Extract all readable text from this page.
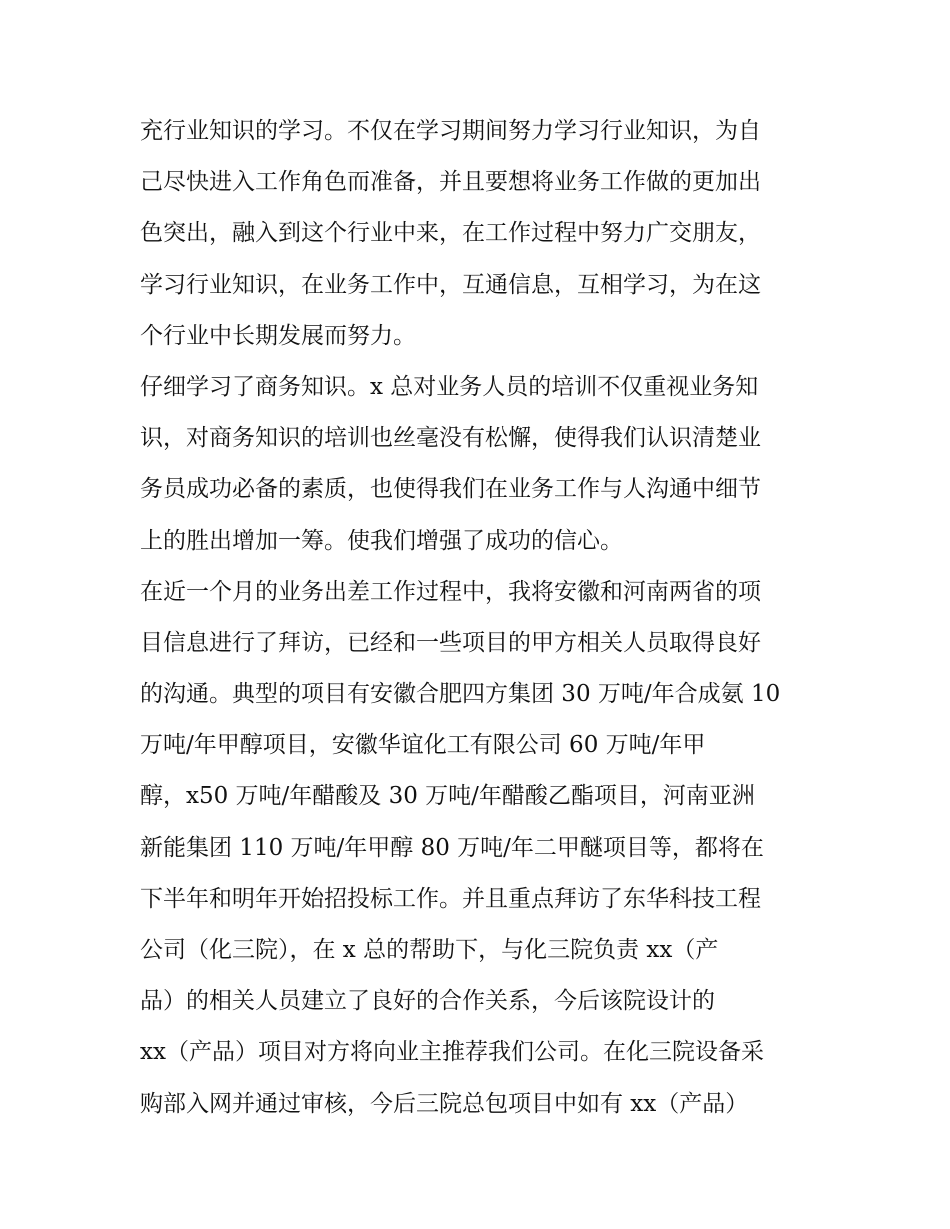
充行业知识的学习。不仅在学习期间努力学习行业知识，为自
己尽快进入工作角色而准备，并且要想将业务工作做的更加出
色突出，融入到这个行业中来，在工作过程中努力广交朋友，
学习行业知识，在业务工作中，互通信息，互相学习，为在这
个行业中长期发展而努力。
仔细学习了商务知识。x 总对业务人员的培训不仅重视业务知
识，对商务知识的培训也丝毫没有松懈，使得我们认识清楚业
务员成功必备的素质，也使得我们在业务工作与人沟通中细节
上的胜出增加一筹。使我们增强了成功的信心。
在近一个月的业务出差工作过程中，我将安徽和河南两省的项
目信息进行了拜访，已经和一些项目的甲方相关人员取得良好
的沟通。典型的项目有安徽合肥四方集团 30 万吨/年合成氨 10
万吨/年甲醇项目，安徽华谊化工有限公司 60 万吨/年甲
醇，x50 万吨/年醋酸及 30 万吨/年醋酸乙酯项目，河南亚洲
新能集团 110 万吨/年甲醇 80 万吨/年二甲醚项目等，都将在
下半年和明年开始招投标工作。并且重点拜访了东华科技工程
公司（化三院），在 x 总的帮助下，与化三院负责 xx（产
品）的相关人员建立了良好的合作关系，今后该院设计的
xx（产品）项目对方将向业主推荐我们公司。在化三院设备采
购部入网并通过审核，今后三院总包项目中如有 xx（产品）
